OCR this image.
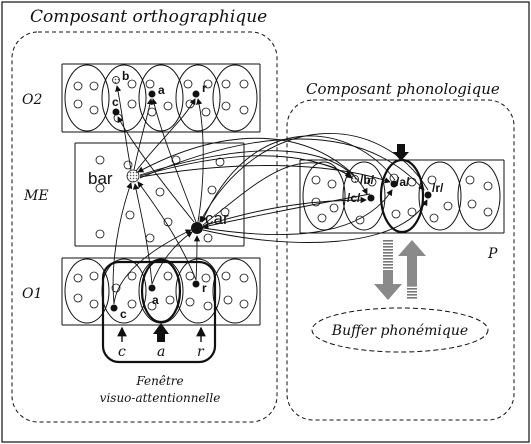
Composant orthographique
O2
b
c
a	r
ME
O1
c
a
r
c a r
Fenêtre
visuo-attentionnelle
bar
car
Composant phonologique
P
/b/
/c/
/a/ /r/
Buffer phonémique
